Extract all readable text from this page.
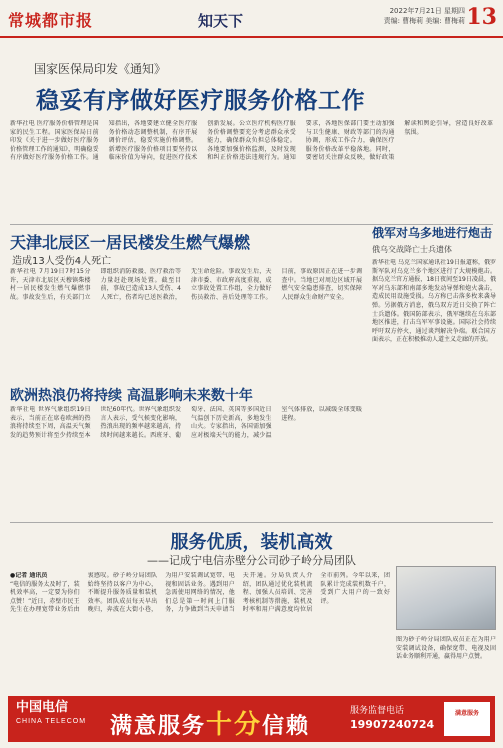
常城都市报	知天下
2022年7月21日 星期四
责编: 曹梅莉 美编: 曹梅莉 13
国家医保局印发《通知》
稳妥有序做好医疗服务价格工作
新华社电 医疗服务价格管理是国家的民生工程。国家医保局日前印发《关于进一步做好医疗服务价格管理工作的通知》，明确稳妥有序做好医疗服务价格工作。通知指出，各地要建立健全医疗服务价格动态调整机制，有序开展调价评估，稳妥实施价格调整。新增医疗服务价格项目要坚持以临床价值为导向，促进医疗技术创新发展。公立医疗机构医疗服务价格调整要充分考虑群众承受能力，确保群众负担总体稳定。各地要加强价格监测，及时发现和纠正价格违法违规行为。通知要求，各地医保部门要主动加强与卫生健康、财政等部门的沟通协调，形成工作合力，确保医疗服务价格改革平稳落地。同时，要密切关注群众反映，做好政策解读和舆论引导，营造良好改革氛围。
天津北辰区一居民楼发生燃气爆燃
造成13人受伤4人死亡
新华社电 7月19日7时15分许，天津市北辰区天穆镇柴楼村一居民楼发生燃气爆燃事故。事故发生后，有关部门立即组织消防救援、医疗救治等力量赶赴现场处置。截至目前，事故已造成13人受伤、4人死亡，伤者均已送医救治，无生命危险。事故发生后，天津市委、市政府高度重视，成立事故处置工作组，全力做好伤员救治、善后处理等工作。目前，事故原因正在进一步调查中。当地已对周边区域开展燃气安全隐患排查，切实保障人民群众生命财产安全。
欧洲热浪仍将持续 高温影响未来数十年
新华社电 世界气象组织19日表示，当前正在席卷欧洲的热浪将持续至下周，高温天气频发的趋势预计将至少持续至本世纪60年代。世界气象组织发言人表示，受气候变化影响，热浪出现的频率越来越高，持续时间越来越长。西班牙、葡萄牙、法国、英国等多国近日气温创下历史新高，多地发生山火。专家指出，各国需加强应对极端天气的能力，减少温室气体排放，以减缓全球变暖进程。
俄军对乌多地进行炮击
俄乌交战降亡士兵遗体
新华社电 乌克兰国家通讯社19日报道称，俄罗斯军队对乌克兰多个地区进行了大规模炮击。据乌克兰官方通报，18日夜间至19日凌晨，俄军对乌东部和南部多地发动导弹和炮火袭击，造成民用设施受损。乌方称已击落多枚来袭导弹。另据俄方消息，俄乌双方近日交换了阵亡士兵遗体。俄国防部表示，俄军继续在乌东部地区推进，打击乌军军事设施。国际社会持续呼吁双方停火，通过谈判解决争端。联合国方面表示，正在积极推动人道主义走廊的开放。
服务优质，装机高效
——记成宁电信赤壁分公司砂子岭分局团队
●记者 通讯员
“电信的服务太及时了，装机效率高，一定要为你们点赞！”近日，赤壁市民王先生在办理宽带业务后由衷感叹。砂子岭分局团队始终坚持以客户为中心，不断提升服务质量和装机效率。团队成员每天早出晚归，奔波在大街小巷，为用户安装调试宽带、电视和固话业务。遇到用户急需使用网络的情况，他们总是第一时间上门服务，力争做到当天申请当天开通。分局负责人介绍，团队通过优化装机流程、加强人员培训、完善考核机制等措施，装机及时率和用户满意度均位居全市前列。今年以来，团队累计完成装机数千户，受到广大用户的一致好评。
图为砂子岭分局团队成员正在为用户安装调试设备，确保宽带、电视及固话业务顺利开通，赢得用户点赞。
中国电信
CHINA TELECOM 满意服务十分信赖
服务监督电话
19907240724
满意服务
